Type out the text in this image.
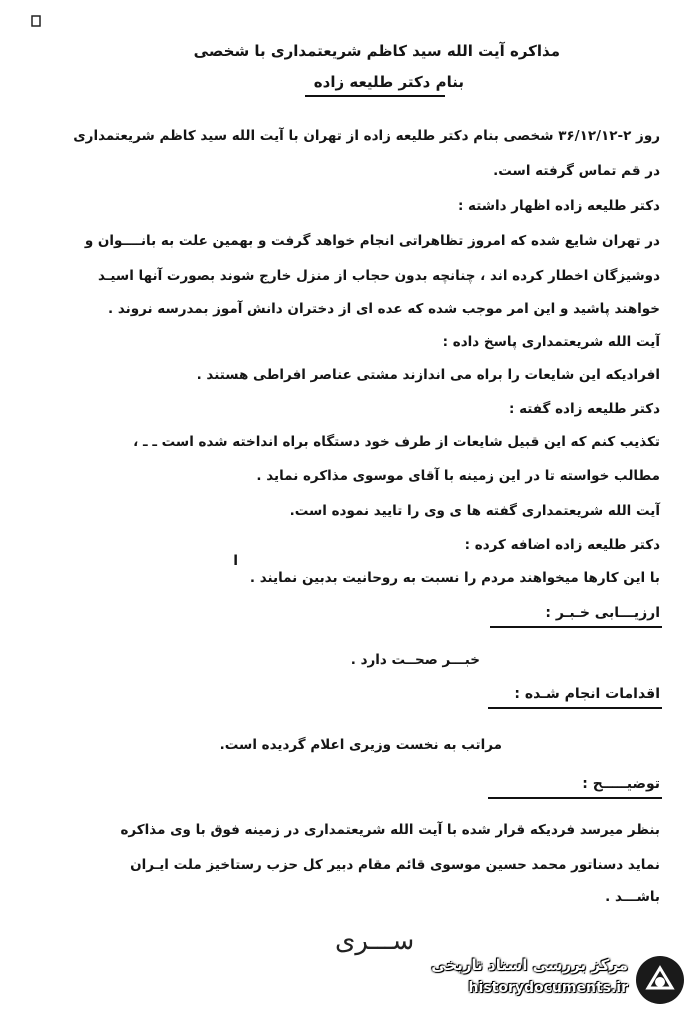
مذاکره آیت الله سید کاظم شریعتمداری با شخصی
بنام دکتر طلیعه زاده
روز ۲-۳۶/۱۲/۱۲ شخصی بنام دکتر طلیعه زاده از تهران با آیت الله سید کاظم شریعتمداری
در قم تماس گرفته است.
دکتر طلیعه زاده اظهار داشته :
در تهران شایع شده که امروز تظاهراتی انجام خواهد گرفت و بهمین علت به بانــــوان و
دوشیزگان اخطار کرده اند ، چنانچه بدون حجاب از منزل خارج شوند بصورت آنها اسیـد
خواهند پاشید و این امر موجب شده که عده ای از دختران دانش آموز بمدرسه نروند .
آیت الله شریعتمداری پاسخ داده :
افرادیکه این شایعات را براه می اندازند مشتی عناصر افراطی هستند .
دکتر طلیعه زاده گفته :
تکذیب کنم که این قبیل شایعات از طرف خود دستگاه براه انداخته شده است ـ ـ ،
مطالب خواسته تا در این زمینه با آقای موسوی مذاکره نماید .
آیت الله شریعتمداری گفته ها ی وی را تایید نموده است.
دکتر طلیعه زاده اضافه کرده :
ا
با این کارها میخواهند مردم را نسبت به روحانیت بدبین نمایند .
ارزیـــابی خـبـر :
خبـــر صحــت دارد .
اقدامات انجام شـده :
مراتب به نخست وزیری اعلام گردیده است.
توضیـــــح :
بنظر میرسد فردیکه قرار شده با آیت الله شریعتمداری در زمینه فوق با وی مذاکره
نماید دسناتور محمد حسین موسوی قائم مقام دبیر کل حزب رستاخیز ملت ایـران
باشـــد .
ســـری
مرکز بررسی اسناد تاریخی
historydocuments.ir
